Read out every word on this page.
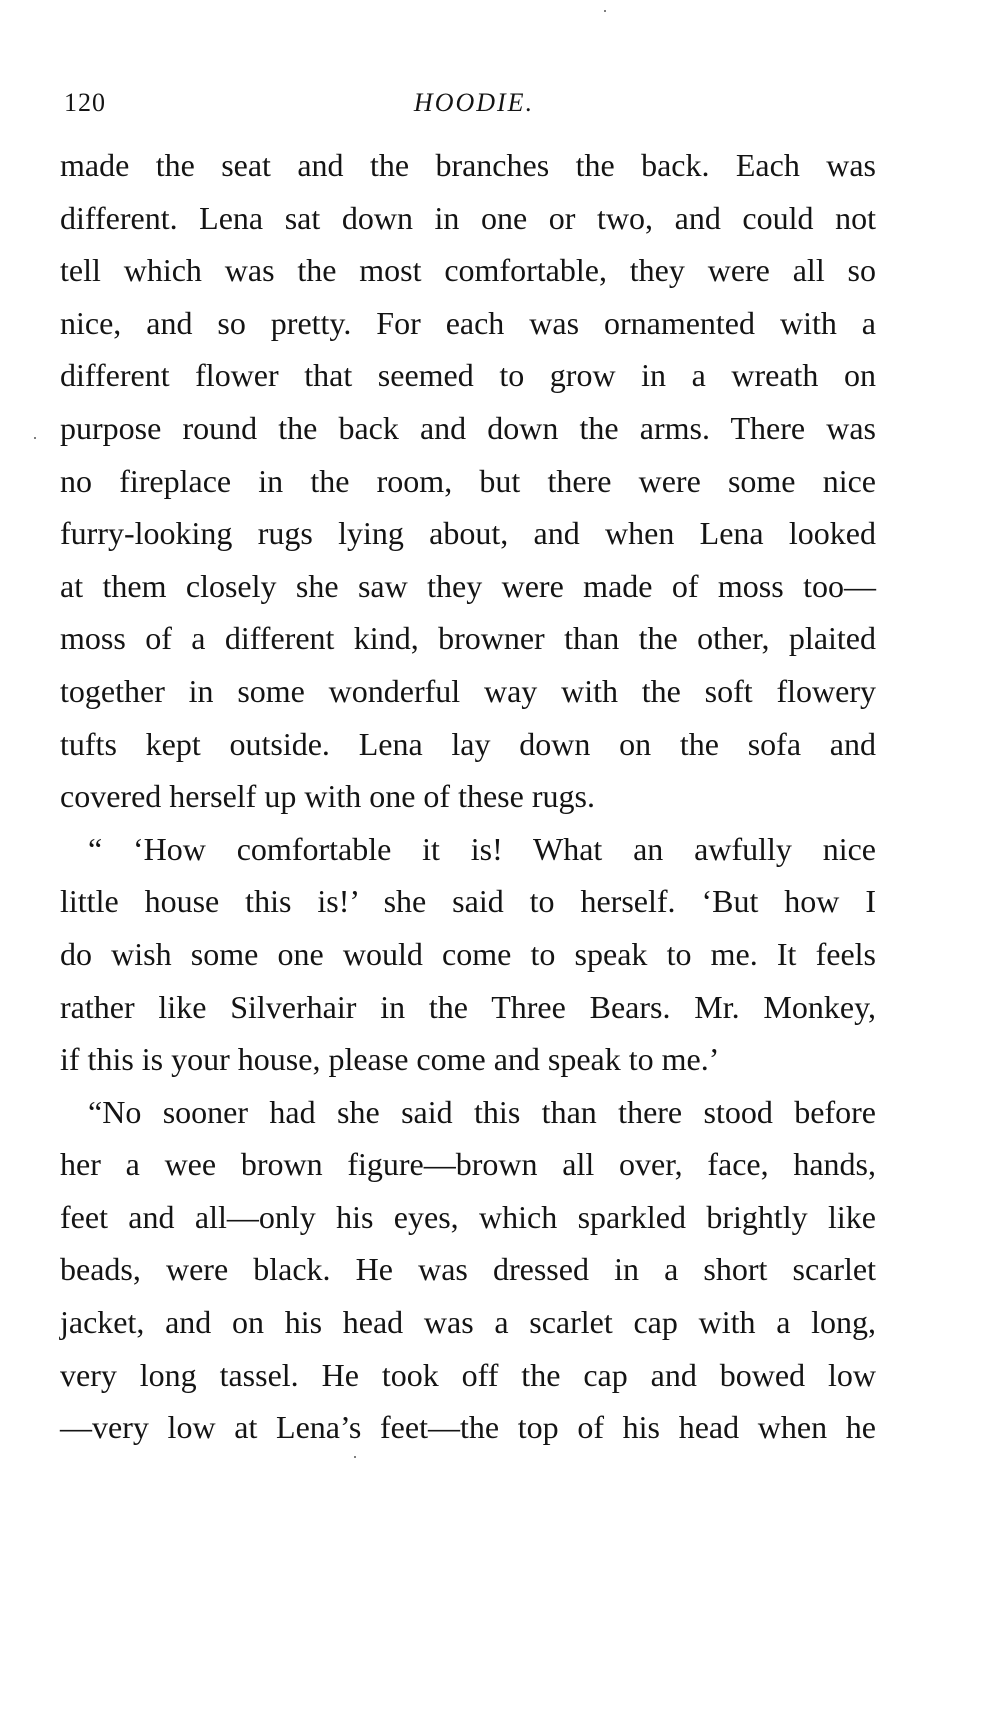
120	HOODIE.
made the seat and the branches the back. Each was
different. Lena sat down in one or two, and could not
tell which was the most comfortable, they were all so
nice, and so pretty. For each was ornamented with a
different flower that seemed to grow in a wreath on
purpose round the back and down the arms. There was
no fireplace in the room, but there were some nice
furry-looking rugs lying about, and when Lena looked
at them closely she saw they were made of moss too—
moss of a different kind, browner than the other, plaited
together in some wonderful way with the soft flowery
tufts kept outside. Lena lay down on the sofa and
covered herself up with one of these rugs.
“ ‘How comfortable it is! What an awfully nice
little house this is!’ she said to herself. ‘But how I
do wish some one would come to speak to me. It feels
rather like Silverhair in the Three Bears. Mr. Monkey,
if this is your house, please come and speak to me.’
“No sooner had she said this than there stood before
her a wee brown figure—brown all over, face, hands,
feet and all—only his eyes, which sparkled brightly like
beads, were black. He was dressed in a short scarlet
jacket, and on his head was a scarlet cap with a long,
very long tassel. He took off the cap and bowed low
—very low at Lena’s feet—the top of his head when he
